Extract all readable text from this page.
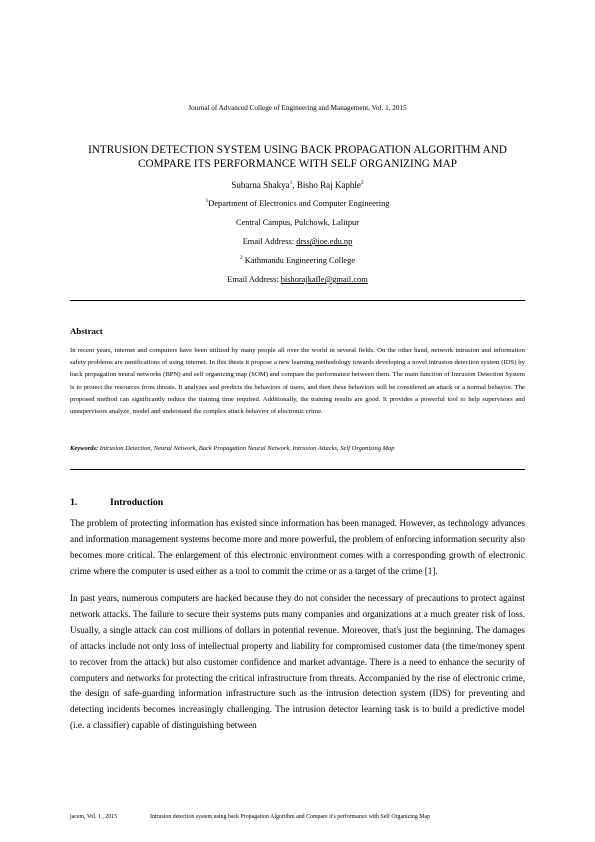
Journal of Advanced College of Engineering and Management, Vol. 1, 2015
INTRUSION DETECTION SYSTEM USING BACK PROPAGATION ALGORITHM AND
COMPARE ITS PERFORMANCE WITH SELF ORGANIZING MAP
Subarna Shakya$^1$, Bisho Raj Kaphle$^2$
$^1$Department of Electronics and Computer Engineering
Central Campus, Pulchowk, Lalitpur
Email Address: drss@ioe.edu.np
$^2$ Kathmandu Engineering College
Email Address: bishorajkafle@gmail.com
Abstract
In recent years, internet and computers have been utilized by many people all over the world in several fields. On the other hand, network intrusion and information safety problems are ramifications of using internet. In this thesis it propose a new learning methodology towards developing a novel intrusion detection system (IDS) by back propagation neural networks (BPN) and self organizing map (SOM) and compare the performance between them. The main function of Intrusion Detection System is to protect the resources from threats. It analyzes and predicts the behaviors of users, and then these behaviors will be considered an attack or a normal behavior. The proposed method can significantly reduce the training time required. Additionally, the training results are good. It provides a powerful tool to help supervisors and unsupervisors analyze, model and understand the complex attack behavior of electronic crime.
Keywords: Intrusion Detection, Neural Network, Back Propagation Neural Network, Intrusion Attacks, Self Organizing Map
1.	Introduction
The problem of protecting information has existed since information has been managed. However, as technology advances and information management systems become more and more powerful, the problem of enforcing information security also becomes more critical. The enlargement of this electronic environment comes with a corresponding growth of electronic crime where the computer is used either as a tool to commit the crime or as a target of the crime [1].
In past years, numerous computers are hacked because they do not consider the necessary of precautions to protect against network attacks. The failure to secure their systems puts many companies and organizations at a much greater risk of loss. Usually, a single attack can cost millions of dollars in potential revenue. Moreover, that's just the beginning. The damages of attacks include not only loss of intellectual property and liability for compromised customer data (the time/money spent to recover from the attack) but also customer confidence and market advantage. There is a need to enhance the security of computers and networks for protecting the critical infrastructure from threats. Accompanied by the rise of electronic crime, the design of safe-guarding information infrastructure such as the intrusion detection system (IDS) for preventing and detecting incidents becomes increasingly challenging. The intrusion detector learning task is to build a predictive model (i.e. a classifier) capable of distinguishing between
jacem, Vol. 1 , 2015	Intrusion detection system using back Propagation Algorithm and Compare it's performance with Self Organizing Map
